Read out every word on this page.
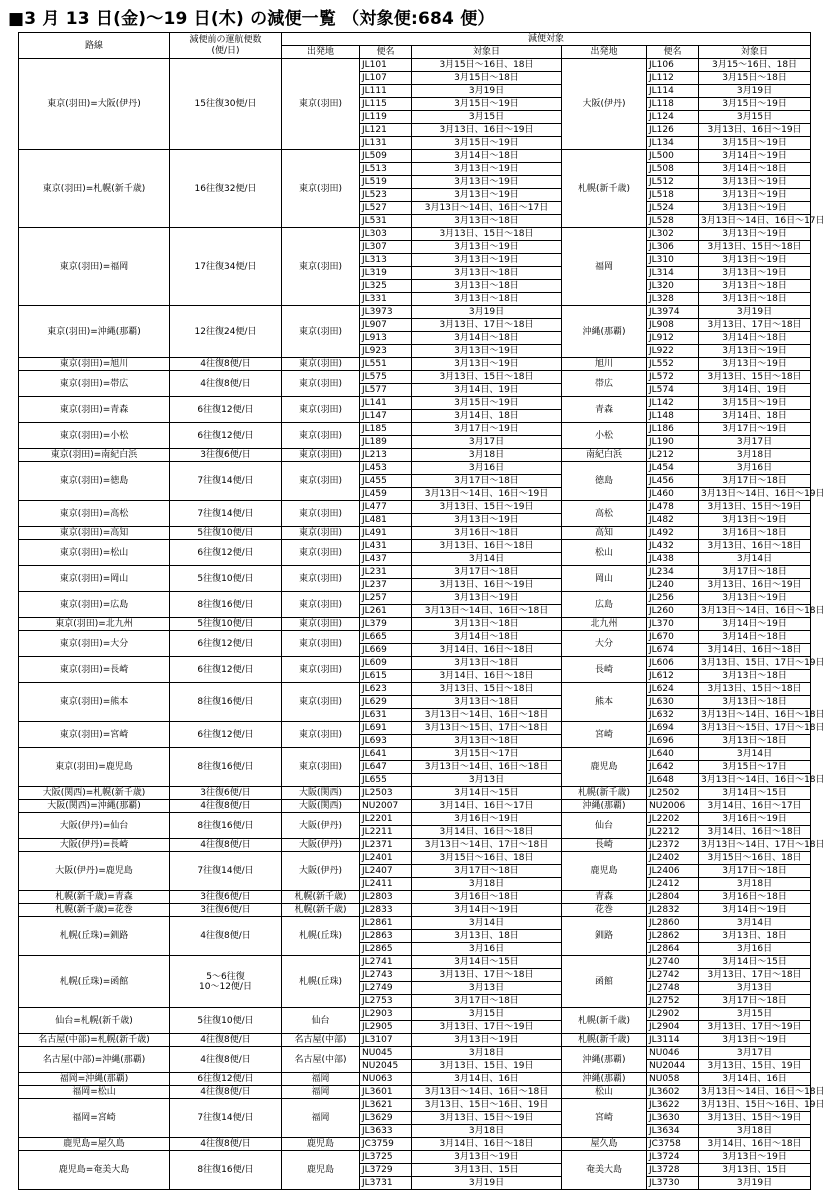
■3 月 13 日(金)～19 日(木) の減便一覧 （対象便:684 便）
路線	減便前の運航便数
(便/日)	減便対象					
		出発地	便名	対象日	出発地	便名	対象日
東京(羽田)=大阪(伊丹)	15往復30便/日	東京(羽田)	JL101	3月15日～16日、18日	大阪(伊丹)	JL106	3月15～16日、18日
			JL107	3月15日～18日		JL112	3月15日～18日
			JL111	3月19日		JL114	3月19日
			JL115	3月15日～19日		JL118	3月15日～19日
			JL119	3月15日		JL124	3月15日
			JL121	3月13日、16日～19日		JL126	3月13日、16日～19日
			JL131	3月15日～19日		JL134	3月15日～19日
東京(羽田)=札幌(新千歳)	16往復32便/日	東京(羽田)	JL509	3月14日～18日	札幌(新千歳)	JL500	3月14日～19日
			JL513	3月13日～19日		JL508	3月14日～18日
			JL519	3月13日～19日		JL512	3月13日～19日
			JL523	3月13日～19日		JL518	3月13日～19日
			JL527	3月13日～14日、16日～17日		JL524	3月13日～19日
			JL531	3月13日～18日		JL528	3月13日～14日、16日～17日
東京(羽田)=福岡	17往復34便/日	東京(羽田)	JL303	3月13日、15日～18日	福岡	JL302	3月13日～19日
			JL307	3月13日～19日		JL306	3月13日、15日～18日
			JL313	3月13日～19日		JL310	3月13日～19日
			JL319	3月13日～18日		JL314	3月13日～19日
			JL325	3月13日～18日		JL320	3月13日～18日
			JL331	3月13日～18日		JL328	3月13日～18日
東京(羽田)=沖縄(那覇)	12往復24便/日	東京(羽田)	JL3973	3月19日	沖縄(那覇)	JL3974	3月19日
			JL907	3月13日、17日～18日		JL908	3月13日、17日～18日
			JL913	3月14日～18日		JL912	3月14日～18日
			JL923	3月13日～19日		JL922	3月13日～19日
東京(羽田)=旭川	4往復8便/日	東京(羽田)	JL551	3月13日～19日	旭川	JL552	3月13日～19日
東京(羽田)=帯広	4往復8便/日	東京(羽田)	JL575	3月13日、15日～18日	帯広	JL572	3月13日、15日～18日
			JL577	3月14日、19日		JL574	3月14日、19日
東京(羽田)=青森	6往復12便/日	東京(羽田)	JL141	3月15日～19日	青森	JL142	3月15日～19日
			JL147	3月14日、18日		JL148	3月14日、18日
東京(羽田)=小松	6往復12便/日	東京(羽田)	JL185	3月17日～19日	小松	JL186	3月17日～19日
			JL189	3月17日		JL190	3月17日
東京(羽田)=南紀白浜	3往復6便/日	東京(羽田)	JL213	3月18日	南紀白浜	JL212	3月18日
東京(羽田)=徳島	7往復14便/日	東京(羽田)	JL453	3月16日	徳島	JL454	3月16日
			JL455	3月17日～18日		JL456	3月17日～18日
			JL459	3月13日～14日、16日～19日		JL460	3月13日～14日、16日～19日
東京(羽田)=高松	7往復14便/日	東京(羽田)	JL477	3月13日、15日～19日	高松	JL478	3月13日、15日～19日
			JL481	3月13日～19日		JL482	3月13日～19日
東京(羽田)=高知	5往復10便/日	東京(羽田)	JL491	3月16日～18日	高知	JL492	3月16日～18日
東京(羽田)=松山	6往復12便/日	東京(羽田)	JL431	3月13日、16日～18日	松山	JL432	3月13日、16日～18日
			JL437	3月14日		JL438	3月14日
東京(羽田)=岡山	5往復10便/日	東京(羽田)	JL231	3月17日～18日	岡山	JL234	3月17日～18日
			JL237	3月13日、16日～19日		JL240	3月13日、16日～19日
東京(羽田)=広島	8往復16便/日	東京(羽田)	JL257	3月13日～19日	広島	JL256	3月13日～19日
			JL261	3月13日～14日、16日～18日		JL260	3月13日～14日、16日～18日
東京(羽田)=北九州	5往復10便/日	東京(羽田)	JL379	3月13日～18日	北九州	JL370	3月14日～19日
東京(羽田)=大分	6往復12便/日	東京(羽田)	JL665	3月14日～18日	大分	JL670	3月14日～18日
			JL669	3月14日、16日～18日		JL674	3月14日、16日～18日
東京(羽田)=長崎	6往復12便/日	東京(羽田)	JL609	3月13日～18日	長崎	JL606	3月13日、15日、17日～19日
			JL615	3月14日、16日～18日		JL612	3月13日～18日
東京(羽田)=熊本	8往復16便/日	東京(羽田)	JL623	3月13日、15日～18日	熊本	JL624	3月13日、15日～18日
			JL629	3月13日～18日		JL630	3月13日～18日
			JL631	3月13日～14日、16日～18日		JL632	3月13日～14日、16日～18日
東京(羽田)=宮崎	6往復12便/日	東京(羽田)	JL691	3月13日～15日、17日～18日	宮崎	JL694	3月13日～15日、17日～18日
			JL693	3月13日～18日		JL696	3月13日～18日
東京(羽田)=鹿児島	8往復16便/日	東京(羽田)	JL641	3月15日～17日	鹿児島	JL640	3月14日
			JL647	3月13日～14日、16日～18日		JL642	3月15日～17日
			JL655	3月13日		JL648	3月13日～14日、16日～18日
大阪(関西)=札幌(新千歳)	3往復6便/日	大阪(関西)	JL2503	3月14日～15日	札幌(新千歳)	JL2502	3月14日～15日
大阪(関西)=沖縄(那覇)	4往復8便/日	大阪(関西)	NU2007	3月14日、16日～17日	沖縄(那覇)	NU2006	3月14日、16日～17日
大阪(伊丹)=仙台	8往復16便/日	大阪(伊丹)	JL2201	3月16日～19日	仙台	JL2202	3月16日～19日
			JL2211	3月14日、16日～18日		JL2212	3月14日、16日～18日
大阪(伊丹)=長崎	4往復8便/日	大阪(伊丹)	JL2371	3月13日～14日、17日～18日	長崎	JL2372	3月13日～14日、17日～18日
大阪(伊丹)=鹿児島	7往復14便/日	大阪(伊丹)	JL2401	3月15日～16日、18日	鹿児島	JL2402	3月15日～16日、18日
			JL2407	3月17日～18日		JL2406	3月17日～18日
			JL2411	3月18日		JL2412	3月18日
札幌(新千歳)=青森	3往復6便/日	札幌(新千歳)	JL2803	3月16日～18日	青森	JL2804	3月16日～18日
札幌(新千歳)=花巻	3往復6便/日	札幌(新千歳)	JL2833	3月14日～19日	花巻	JL2832	3月14日～19日
札幌(丘珠)=釧路	4往復8便/日	札幌(丘珠)	JL2861	3月14日	釧路	JL2860	3月14日
			JL2863	3月13日、18日		JL2862	3月13日、18日
			JL2865	3月16日		JL2864	3月16日
札幌(丘珠)=函館	5～6往復
10～12便/日	札幌(丘珠)	JL2741	3月14日～15日	函館	JL2740	3月14日～15日
			JL2743	3月13日、17日～18日		JL2742	3月13日、17日～18日
			JL2749	3月13日		JL2748	3月13日
			JL2753	3月17日～18日		JL2752	3月17日～18日
仙台=札幌(新千歳)	5往復10便/日	仙台	JL2903	3月15日	札幌(新千歳)	JL2902	3月15日
			JL2905	3月13日、17日～19日		JL2904	3月13日、17日～19日
名古屋(中部)=札幌(新千歳)	4往復8便/日	名古屋(中部)	JL3107	3月13日～19日	札幌(新千歳)	JL3114	3月13日～19日
名古屋(中部)=沖縄(那覇)	4往復8便/日	名古屋(中部)	NU045	3月18日	沖縄(那覇)	NU046	3月17日
			NU2045	3月13日、15日、19日		NU2044	3月13日、15日、19日
福岡=沖縄(那覇)	6往復12便/日	福岡	NU063	3月14日、16日	沖縄(那覇)	NU058	3月14日、16日
福岡=松山	4往復8便/日	福岡	JL3601	3月13日～14日、16日～18日	松山	JL3602	3月13日～14日、16日～18日
福岡=宮崎	7往復14便/日	福岡	JL3621	3月13日、15日～16日、19日	宮崎	JL3622	3月13日、15日～16日、19日
			JL3629	3月13日、15日～19日		JL3630	3月13日、15日～19日
			JL3633	3月18日		JL3634	3月18日
鹿児島=屋久島	4往復8便/日	鹿児島	JC3759	3月14日、16日～18日	屋久島	JC3758	3月14日、16日～18日
鹿児島=奄美大島	8往復16便/日	鹿児島	JL3725	3月13日～19日	奄美大島	JL3724	3月13日～19日
			JL3729	3月13日、15日		JL3728	3月13日、15日
			JL3731	3月19日		JL3730	3月19日
